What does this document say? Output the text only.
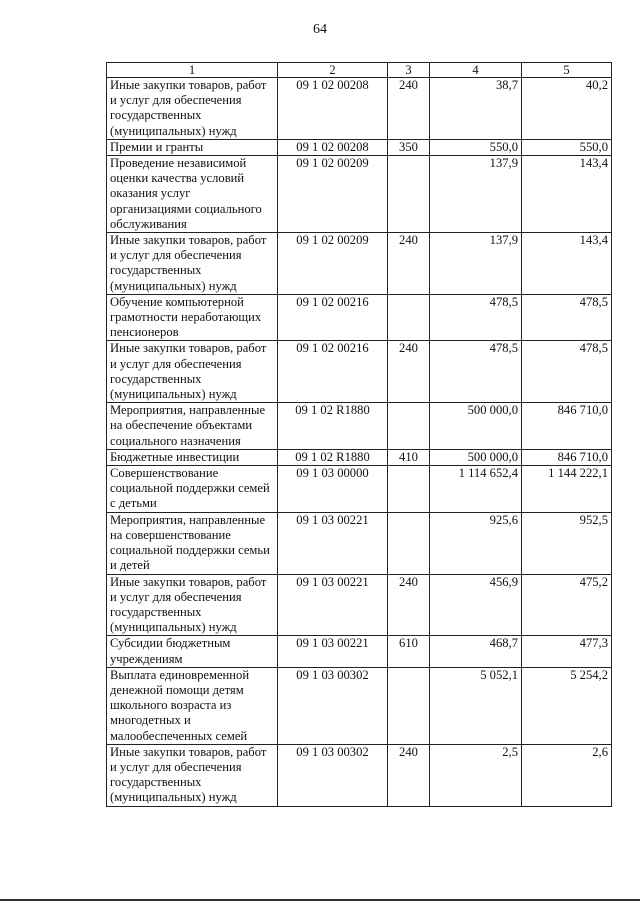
64
1	2	3	4	5
Иные закупки товаров, работ и услуг для обеспечения государственных (муниципальных) нужд	09 1 02 00208	240	38,7	40,2
Премии и гранты	09 1 02 00208	350	550,0	550,0
Проведение независимой оценки качества условий оказания услуг организациями социального обслуживания	09 1 02 00209		137,9	143,4
Иные закупки товаров, работ и услуг для обеспечения государственных (муниципальных) нужд	09 1 02 00209	240	137,9	143,4
Обучение компьютерной грамотности неработающих пенсионеров	09 1 02 00216		478,5	478,5
Иные закупки товаров, работ и услуг для обеспечения государственных (муниципальных) нужд	09 1 02 00216	240	478,5	478,5
Мероприятия, направленные на обеспечение объектами социального назначения	09 1 02 R1880		500 000,0	846 710,0
Бюджетные инвестиции	09 1 02 R1880	410	500 000,0	846 710,0
Совершенствование социальной поддержки семей с детьми	09 1 03 00000		1 114 652,4	1 144 222,1
Мероприятия, направленные на совершенствование социальной поддержки семьи и детей	09 1 03 00221		925,6	952,5
Иные закупки товаров, работ и услуг для обеспечения государственных (муниципальных) нужд	09 1 03 00221	240	456,9	475,2
Субсидии бюджетным учреждениям	09 1 03 00221	610	468,7	477,3
Выплата единовременной денежной помощи детям школьного возраста из многодетных и малообеспеченных семей	09 1 03 00302		5 052,1	5 254,2
Иные закупки товаров, работ и услуг для обеспечения государственных (муниципальных) нужд	09 1 03 00302	240	2,5	2,6
